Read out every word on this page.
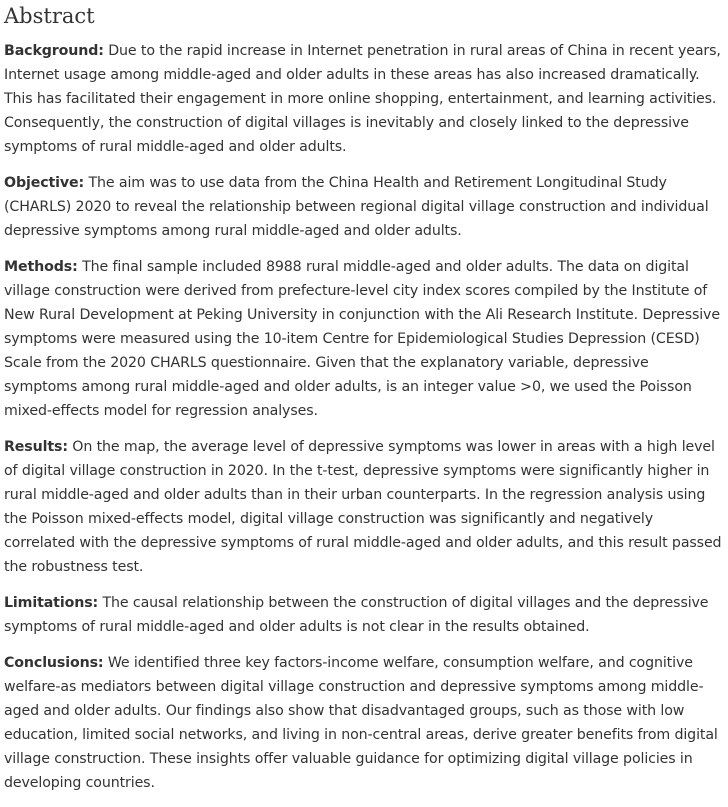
Abstract

Background: Due to the rapid increase in Internet penetration in rural areas of China in recent years, Internet usage among middle-aged and older adults in these areas has also increased dramatically. This has facilitated their engagement in more online shopping, entertainment, and learning activities. Consequently, the construction of digital villages is inevitably and closely linked to the depressive symptoms of rural middle-aged and older adults.

Objective: The aim was to use data from the China Health and Retirement Longitudinal Study (CHARLS) 2020 to reveal the relationship between regional digital village construction and individual depressive symptoms among rural middle-aged and older adults.

Methods: The final sample included 8988 rural middle-aged and older adults. The data on digital village construction were derived from prefecture-level city index scores compiled by the Institute of New Rural Development at Peking University in conjunction with the Ali Research Institute. Depressive symptoms were measured using the 10-item Centre for Epidemiological Studies Depression (CESD) Scale from the 2020 CHARLS questionnaire. Given that the explanatory variable, depressive symptoms among rural middle-aged and older adults, is an integer value >0, we used the Poisson mixed-effects model for regression analyses.

Results: On the map, the average level of depressive symptoms was lower in areas with a high level of digital village construction in 2020. In the t-test, depressive symptoms were significantly higher in rural middle-aged and older adults than in their urban counterparts. In the regression analysis using the Poisson mixed-effects model, digital village construction was significantly and negatively correlated with the depressive symptoms of rural middle-aged and older adults, and this result passed the robustness test.

Limitations: The causal relationship between the construction of digital villages and the depressive symptoms of rural middle-aged and older adults is not clear in the results obtained.

Conclusions: We identified three key factors-income welfare, consumption welfare, and cognitive welfare-as mediators between digital village construction and depressive symptoms among middle-aged and older adults. Our findings also show that disadvantaged groups, such as those with low education, limited social networks, and living in non-central areas, derive greater benefits from digital village construction. These insights offer valuable guidance for optimizing digital village policies in developing countries.
